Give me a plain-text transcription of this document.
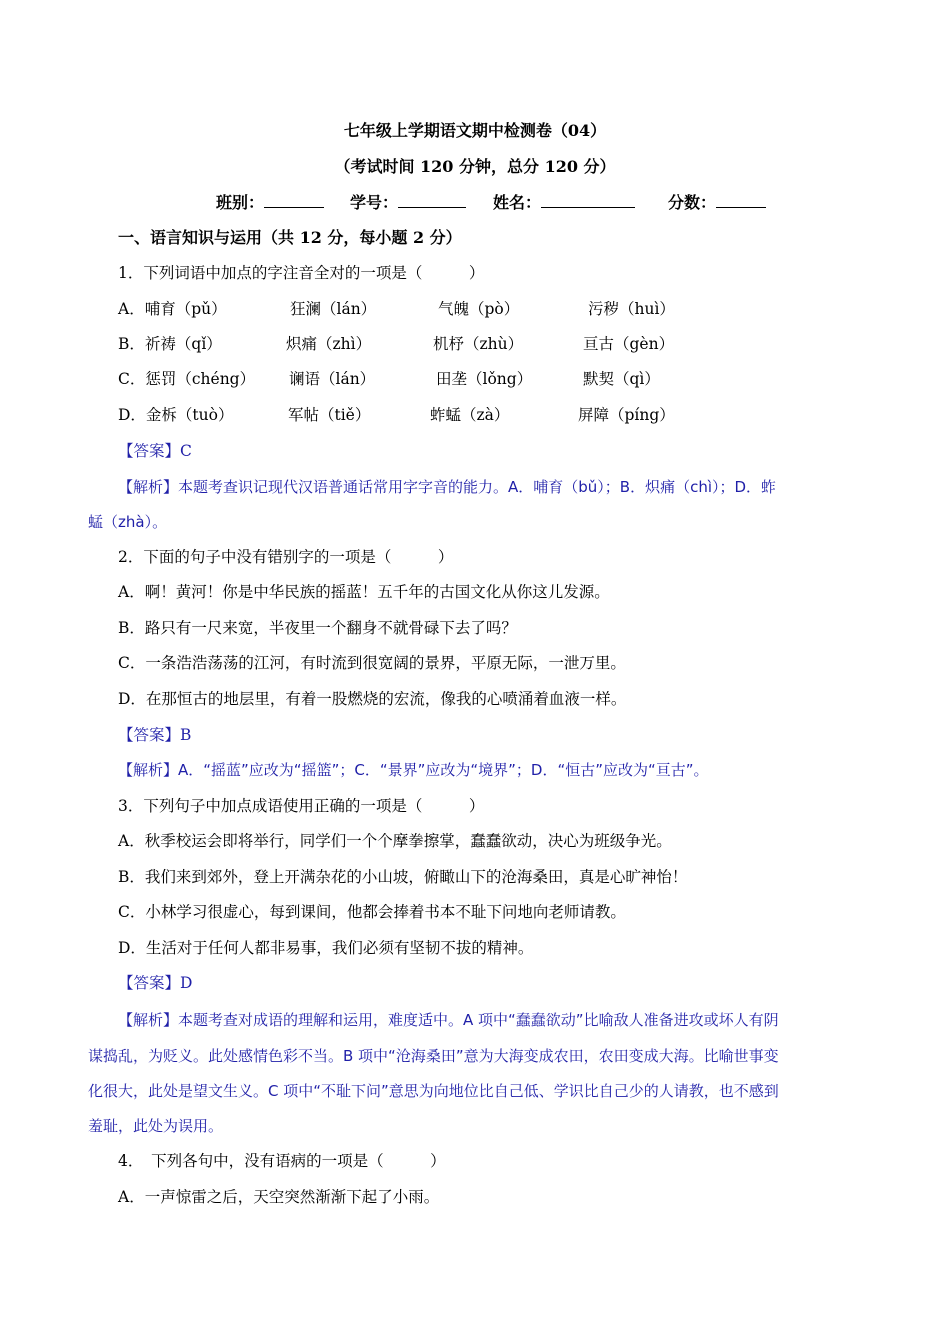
七年级上学期语文期中检测卷（04）
（考试时间 120 分钟，总分 120 分）
班别：	学号：	姓名：	分数：
一、语言知识与运用（共 12 分，每小题 2 分）
1．下列词语中加点的字注音全对的一项是（　　　）
A．哺育（pǔ）	狂澜（lán）	气魄（pò）	污秽（huì）
B．祈祷（qǐ）	炽痛（zhì）	机杼（zhù）	亘古（gèn）
C．惩罚（chéng） 谰语（lán）	田垄（lǒng）	默契（qì）
D．金柝（tuò）	军帖（tiě）	蚱蜢（zà）	屏障（píng）
【答案】C
【解析】本题考查识记现代汉语普通话常用字字音的能力。A．哺育（bǔ）；B．炽痛（chì）；D．蚱
蜢（zhà）。
2．下面的句子中没有错别字的一项是（　　　）
A．啊！黄河！你是中华民族的摇蓝！五千年的古国文化从你这儿发源。
B．路只有一尺来宽，半夜里一个翻身不就骨碌下去了吗？
C．一条浩浩荡荡的江河，有时流到很宽阔的景界，平原无际，一泄万里。
D．在那恒古的地层里，有着一股燃烧的宏流，像我的心喷涌着血液一样。
【答案】B
【解析】A．“摇蓝”应改为“摇篮”；C．“景界”应改为“境界”；D．“恒古”应改为“亘古”。
3．下列句子中加点成语使用正确的一项是（　　　）
A．秋季校运会即将举行，同学们一个个摩拳擦掌，蠢蠢欲动，决心为班级争光。
B．我们来到郊外，登上开满杂花的小山坡，俯瞰山下的沧海桑田，真是心旷神怡！
C．小林学习很虚心，每到课间，他都会捧着书本不耻下问地向老师请教。
D．生活对于任何人都非易事，我们必须有坚韧不拔的精神。
【答案】D
【解析】本题考查对成语的理解和运用，难度适中。A 项中“蠢蠢欲动”比喻敌人准备进攻或坏人有阴
谋捣乱，为贬义。此处感情色彩不当。B 项中“沧海桑田”意为大海变成农田，农田变成大海。比喻世事变
化很大，此处是望文生义。C 项中“不耻下问”意思为向地位比自己低、学识比自己少的人请教，也不感到
羞耻，此处为误用。
4．　下列各句中，没有语病的一项是（　　　）
A．一声惊雷之后，天空突然渐渐下起了小雨。
